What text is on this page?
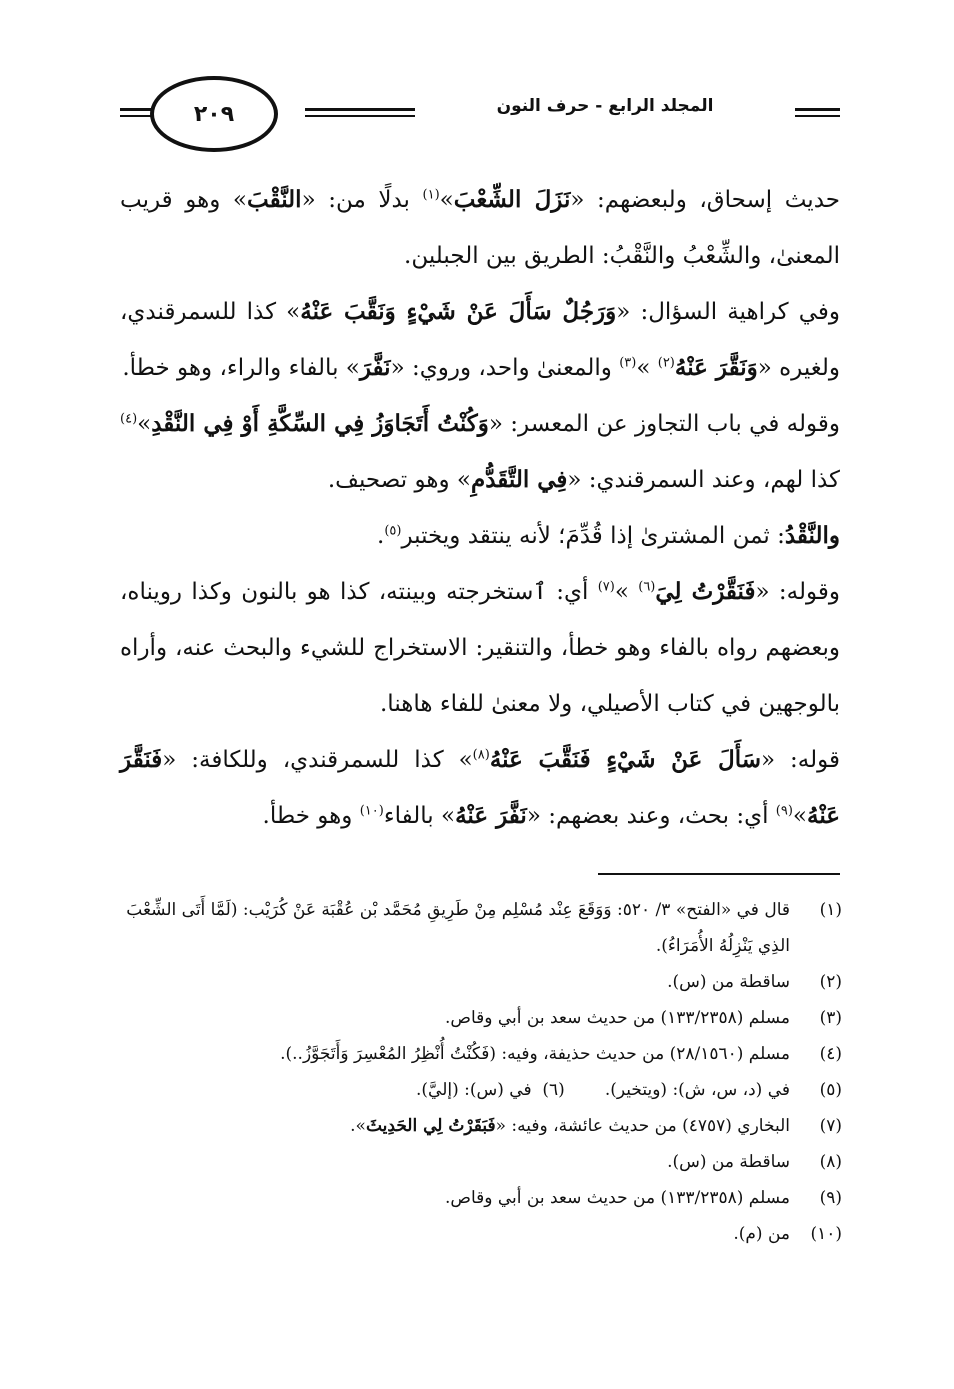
٢٠٩	المجلد الرابع - حرف النون

حديث إسحاق، ولبعضهم: «نَزَلَ الشِّعْبَ»$^{(١)}$ بدلًا من: «النَّقْبَ» وهو قريب المعنىٰ، والشِّعْبُ والنَّقْبُ: الطريق بين الجبلين.

وفي كراهية السؤال: «وَرَجُلٌ سَأَلَ عَنْ شَيْءٍ وَنَقَّبَ عَنْهُ» كذا للسمرقندي، ولغيره «وَنَقَّرَ عَنْهُ$^{(٢)}$ »$^{(٣)}$ والمعنىٰ واحد، وروي: «نَفَّرَ» بالفاء والراء، وهو خطأ.

وقوله في باب التجاوز عن المعسر: «وَكُنْتُ أَتَجَاوَزُ فِي السِّكَّةِ أَوْ فِي النَّقْدِ»$^{(٤)}$ كذا لهم، وعند السمرقندي: «فِي التَّقَدُّمِ» وهو تصحيف.

والنَّقْدُ: ثمن المشترىٰ إذا قُدِّمَ؛ لأنه ينتقد ويختبر$^{(٥)}$.

وقوله: «فَنَقَّرْتُ لِيَ$^{(٦)}$ »$^{(٧)}$ أي: ٱستخرجته وبينته، كذا هو بالنون وكذا رويناه، وبعضهم رواه بالفاء وهو خطأ، والتنقير: الاستخراج للشيء والبحث عنه، وأراه بالوجهين في كتاب الأصيلي، ولا معنىٰ للفاء هاهنا.

قوله: «سَأَلَ عَنْ شَيْءٍ فَنَقَّبَ عَنْهُ$^{(٨)}$» كذا للسمرقندي، وللكافة: «فَنَقَّرَ عَنْهُ»$^{(٩)}$ أي: بحث، وعند بعضهم: «نَفَّرَ عَنْهُ» بالفاء$^{(١٠)}$ وهو خطأ.

(١)
قال في «الفتح» ٣/ ٥٢٠: وَوَقَعَ عِنْد مُسْلِم مِنْ طَرِيقِ مُحَمَّد بْن عُقْبَة عَنْ كُرَيْب: (لَمَّا أَتَى الشِّعْبَ الذِي يَنْزِلُهُ الأُمَرَاءُ).
(٢)
ساقطة من (س).
(٣)
مسلم (١٣٣/٢٣٥٨) من حديث سعد بن أبي وقاص.
(٤)
مسلم (٢٨/١٥٦٠) من حديث حذيفة، وفيه: (فَكُنْتُ أُنْظِرُ المُعْسِرَ وَأَتَجَوَّزُ..).
(٥)
في (د، س، ش): (ويتخير).
(٦)  في (س): (إليَّ).
(٧)
البخاري (٤٧٥٧) من حديث عائشة، وفيه: «فَبَقَرْتُ لِي الحَدِيثَ».
(٨)
ساقطة من (س).
(٩)
مسلم (١٣٣/٢٣٥٨) من حديث سعد بن أبي وقاص.
(١٠)
من (م).
